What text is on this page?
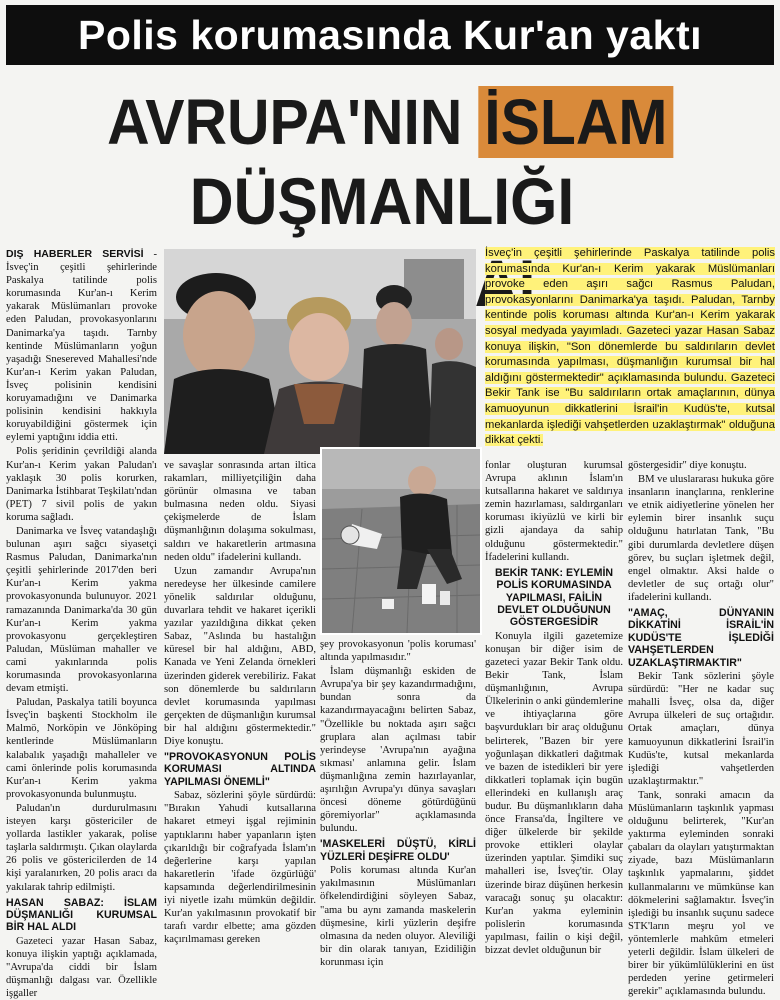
Polis korumasında Kur'an yaktı
AVRUPA'NIN İSLAM
DÜŞMANLIĞI

DIŞ HABERLER SERVİSİ - İsveç'in çeşitli şehirlerinde Paskalya tatilinde polis korumasında Kur'an-ı Kerim yakarak Müslümanları provoke eden Paludan, provokasyonlarını Danimarka'ya taşıdı. Tarnby kentinde Müslümanların yoğun yaşadığı Snesereved Mahallesi'nde Kur'an-ı Kerim yakan Paludan, İsveç polisinin kendisini koruyamadığını ve Danimarka polisinin kendisini hakkıyla koruyabildiğini göstermek için eylemi yaptığını iddia etti.

Polis şeridinin çevrildiği alanda Kur'an-ı Kerim yakan Paludan'ı yaklaşık 30 polis korurken, Danimarka İstihbarat Teşkilatı'ndan (PET) 7 sivil polis de yakın koruma sağladı.

Danimarka ve İsveç vatandaşlığı bulunan aşırı sağcı siyasetçi Rasmus Paludan, Danimarka'nın çeşitli şehirlerinde 2017'den beri Kur'an-ı Kerim yakma provokasyonunda bulunuyor. 2021 ramazanında Danimarka'da 30 gün Kur'an-ı Kerim yakma provokasyonu gerçekleştiren Paludan, Müslüman mahaller ve cami yakınlarında polis korumasında provokasyonlarına devam etmişti.

Paludan, Paskalya tatili boyunca İsveç'in başkenti Stockholm ile Malmö, Norköpin ve Jönköping kentlerinde Müslümanların kalabalık yaşadığı mahalleler ve cami önlerinde polis korumasında Kur'an-ı Kerim yakma provokasyonunda bulunmuştu.

Paludan'ın durdurulmasını isteyen karşı göstericiler de yollarda lastikler yakarak, polise taşlarla saldırmıştı. Çıkan olaylarda 26 polis ve göstericilerden de 14 kişi yaralanırken, 20 polis aracı da yakılarak tahrip edilmişti.

HASAN SABAZ: İSLAM DÜŞMANLIĞI KURUMSAL BİR HAL ALDI

Gazeteci yazar Hasan Sabaz, konuya ilişkin yaptığı açıklamada, "Avrupa'da ciddi bir İslam düşmanlığı dalgası var. Özellikle işgaller

İsveç'in çeşitli şehirlerinde Paskalya tatilinde polis korumasında Kur'an-ı Kerim yakarak Müslümanları provoke eden aşırı sağcı Rasmus Paludan, provokasyonlarını Danimarka'ya taşıdı. Paludan, Tarnby kentinde polis koruması altında Kur'an-ı Kerim yakarak sosyal medyada yayımladı. Gazeteci yazar Hasan Sabaz konuya ilişkin, "Son dönemlerde bu saldırıların devlet korumasında yapılması, düşmanlığın kurumsal bir hal aldığını göstermektedir" açıklamasında bulundu. Gazeteci Bekir Tank ise "Bu saldırıların ortak amaçlarının, dünya kamuoyunun dikkatlerini İsrail'in Kudüs'te, kutsal mekanlarda işlediği vahşetlerden uzaklaştırmak" olduğuna dikkat çekti.

ve savaşlar sonrasında artan iltica rakamları, milliyetçiliğin daha görünür olmasına ve taban bulmasına neden oldu. Siyasi çekişmelerde de İslam düşmanlığının dolaşıma sokulması, saldırı ve hakaretlerin artmasına neden oldu" ifadelerini kullandı.

Uzun zamandır Avrupa'nın neredeyse her ülkesinde camilere yönelik saldırılar olduğunu, duvarlara tehdit ve hakaret içerikli yazılar yazıldığına dikkat çeken Sabaz, "Aslında bu hastalığın küresel bir hal aldığını, ABD, Kanada ve Yeni Zelanda örnekleri üzerinden giderek verebiliriz. Fakat son dönemlerde bu saldırıların devlet korumasında yapılması gerçekten de düşmanlığın kurumsal bir hal aldığını göstermektedir." Diye konuştu.

"PROVOKASYONUN POLİS KORUMASI ALTINDA YAPILMASI ÖNEMLİ"

Sabaz, sözlerini şöyle sürdürdü: "Bırakın Yahudi kutsallarına hakaret etmeyi işgal rejiminin yaptıklarını haber yapanların işten çıkarıldığı bir coğrafyada İslam'ın değerlerine karşı yapılan hakaretlerin 'ifade özgürlüğü' kapsamında değerlendirilmesinin iyi niyetle izahı mümkün değildir. Kur'an yakılmasının provokatif bir tarafı vardır elbette; ama gözden kaçırılmaması gereken

şey provokasyonun 'polis koruması' altında yapılmasıdır."

İslam düşmanlığı eskiden de Avrupa'ya bir şey kazandırmadığını, bundan sonra da kazandırmayacağını belirten Sabaz, "Özellikle bu noktada aşırı sağcı gruplara alan açılması tabir yerindeyse 'Avrupa'nın ayağına sıkması' anlamına gelir. İslam düşmanlığına zemin hazırlayanlar, aşırılığın Avrupa'yı dünya savaşları öncesi döneme götürdüğünü göremiyorlar" açıklamasında bulundu.

'MASKELERİ DÜŞTÜ, KİRLİ YÜZLERİ DEŞİFRE OLDU'

Polis koruması altında Kur'an yakılmasının Müslümanları öfkelendirdiğini söyleyen Sabaz, "ama bu aynı zamanda maskelerin düşmesine, kirli yüzlerin deşifre olmasına da neden oluyor. Aleviliği bir din olarak tanıyan, Ezidiliğin korunması için

fonlar oluşturan kurumsal Avrupa aklının İslam'ın kutsallarına hakaret ve saldırıya zemin hazırlaması, saldırganları koruması ikiyüzlü ve kirli bir gizli ajandaya da sahip olduğunu göstermektedir." İfadelerini kullandı.

BEKİR TANK: EYLEMİN POLİS KORUMASINDA YAPILMASI, FAİLİN DEVLET OLDUĞUNUN GÖSTERGESİDİR

Konuyla ilgili gazetemize konuşan bir diğer isim de gazeteci yazar Bekir Tank oldu. Bekir Tank, İslam düşmanlığının, Avrupa Ülkelerinin o anki gündemlerine ve ihtiyaçlarına göre başvurdukları bir araç olduğunu belirterek, "Bazen bir yere yoğunlaşan dikkatleri dağıtmak ve bazen de istedikleri bir yere dikkatleri toplamak için bugün ellerindeki en kullanışlı araç budur. Bu düşmanlıkların daha önce Fransa'da, İngiltere ve diğer ülkelerde bir şekilde provoke ettikleri olaylar üzerinden yaptılar. Şimdiki suç mahalleri ise, İsveç'tir. Olay üzerinde biraz düşünen herkesin varacağı sonuç şu olacaktır: Kur'an yakma eyleminin polislerin korumasında yapılması, failin o kişi değil, bizzat devlet olduğunun bir

göstergesidir" diye konuştu.

BM ve uluslararası hukuka göre insanların inançlarına, renklerine ve etnik aidiyetlerine yönelen her eylemin birer insanlık suçu olduğunu hatırlatan Tank, "Bu gibi durumlarda devletlere düşen görev, bu suçları işletmek değil, engel olmaktır. Aksi halde o devletler de suç ortağı olur" ifadelerini kullandı.

"AMAÇ, DÜNYANIN DİKKATİNİ İSRAİL'İN KUDÜS'TE İŞLEDİĞİ VAHŞETLERDEN UZAKLAŞTIRMAKTIR"

Bekir Tank sözlerini şöyle sürdürdü: "Her ne kadar suç mahalli İsveç, olsa da, diğer Avrupa ülkeleri de suç ortağıdır. Ortak amaçları, dünya kamuoyunun dikkatlerini İsrail'in Kudüs'te, kutsal mekanlarda işlediği vahşetlerden uzaklaştırmaktır."

Tank, sonraki amacın da Müslümanların taşkınlık yapması olduğunu belirterek, "Kur'an yaktırma eyleminden sonraki çabaları da olayları yatıştırmaktan ziyade, bazı Müslümanların taşkınlık yapmalarını, şiddet kullanmalarını ve mümkünse kan dökmelerini sağlamaktır. İsveç'in işlediği bu insanlık suçunu sadece STK'ların meşru yol ve yöntemlerle mahkûm etmeleri yeterli değildir. İslam ülkeleri de birer bir yükümlülüklerini en üst perdeden yerine getirmeleri gerekir" açıklamasında bulundu.
